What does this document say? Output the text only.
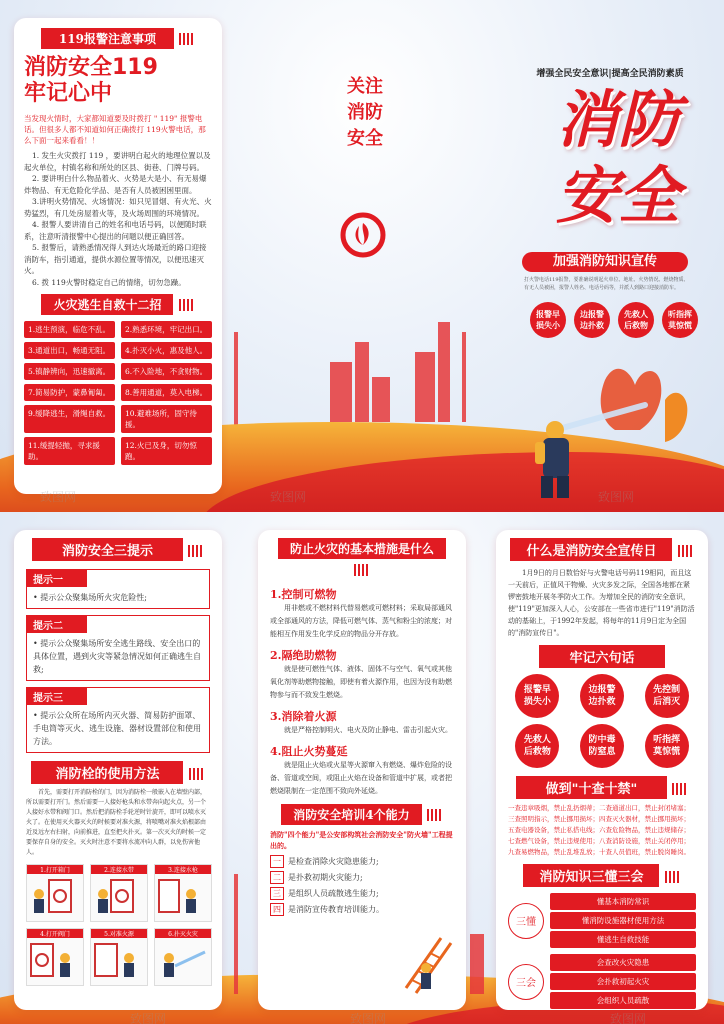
119报警注意事项
消防安全119
牢记心中
当发现火情时，大家都知道要及时拨打 " 119" 报警电话。但很多人都不知道如何正确拨打 119火警电话，那么下面一起来看看！！
1. 发生火灾拨打 119 ，要讲明白起火的地理位置以及起火单位，村镇名称和所处的区县、街巷、门牌号码。
2. 要讲明白什么物品着火、火势是大是小、有无易爆炸物品、有无危险化学品、是否有人员被困困里面。
3.讲明火势情况、火场情况：如只见冒烟、有火光、火势猛烈，有几处房屋着火等，及火场周围的环境情况。
4. 报警人要讲清自己的姓名和电话号码，以便随时联系，注意听清报警中心提出的问题以便正确回答。
5. 报警后，请熟悉情况得人到达火场最近的路口迎接消防车，指引通道，提供水源位置等情况，以便迅速灭火。
6. 拨 119火警时稳定自己的情绪，切勿急躁。
火灾逃生自救十二招
1.逃生预演，临危不乱。	2.熟悉环境，牢记出口。
3.通道出口，畅通无阻。	4.扑灭小火，惠及他人。
5.镇静辨向，迅速撤离。	6.不入险地，不贪财物。
7.简易防护，蒙鼻匍匐。	8.善用通道，莫入电梯。
9.缓降逃生，滑绳自救。	10.避难场所，固守待援。
11.缓提轻抛，寻求援助。
12.火已及身，切勿惊跑。
关注
消防
安全
增强全民安全意识|提高全民消防素质
消防
安全
加强消防知识宣传
打火警电话119报警，要准确说明起火单位、地址、火势情况、燃烧物质、有无人员被困，报警人姓名、电话号码等，并派人到路口迎接消防车。
报警早
损失小
边报警
边扑救
先救人
后救物
听指挥
莫惊慌
致图网	致图网	致图网
消防安全三提示
提示一
• 提示公众聚集场所火灾危险性;
提示二
• 提示公众聚集场所安全逃生路线、安全出口的具体位置，遇到火灾等紧急情况如何正确逃生自救;
提示三
• 提示公众所在场所内灭火器、简易防护面罩、手电筒等灭火、逃生设施、器材设置部位和使用方法。
消防栓的使用方法
首先，需要打开消防栓的门，因为消防栓一般嵌入在墙壁内部，所以需要打开门。然后需要一人接好枪头和水带奔向起火点，另一个人接好水带和阀门口。然后把消防栓手轮逆时针旋开，即可以喷水灭火了。在使用灭火器灭火的时候要对准火源，将喷嘴对准火焰根部由近及远左右扫射，向前推进，直至把火扑灭。第一次灭火的时候一定要保存自身的安全。灭火时注意不要将水流冲向人群，以免伤害他人。
1.打开箱门	2.连接水带	3.连接水枪
4.打开阀门	5.对准火源	6.扑灭火灾
防止火灾的基本措施是什么
1.控制可燃物
用非燃或不燃材料代替易燃或可燃材料；采取局部通风或全部通风的方法，降低可燃气体、蒸气和粉尘的浓度；对能相互作用发生化学反应的物品分开存放。
2.隔绝助燃物
就是使可燃性气体、液体、固体不与空气、氧气或其他氧化剂等助燃物接触，即使有着火源作用，也因为没有助燃物参与而不致发生燃烧。
3.消除着火源
就是严格控制明火、电火及防止静电、雷击引起火灾。
4.阻止火势蔓延
就是阻止火焰或火星等火源窜入有燃烧、爆炸危险的设备、管道或空间，或阻止火焰在设备和管道中扩展，或者把燃烧限制在一定范围不致向外延烧。
消防安全培训4个能力
消防"四个能力"是公安部构筑社会消防安全"防火墙"工程提出的。
一 是检查消除火灾隐患能力;
二 是扑救初期火灾能力;
三 是组织人员疏散逃生能力;
四 是消防宣传教育培训能力。
什么是消防安全宣传日
1月9日的月日数恰好与火警电话号码119相同，而且这一天前后，正值风干物燥、火灾多发之际，全国各地都在紧锣密鼓地开展冬季防火工作。为增加全民的消防安全意识，使"119"更加深入人心，公安部在一些省市进行"119"消防活动的基础上，于1992年发起，将每年的11月9日定为全国的"消防宣传日"。
牢记六句话
报警早
损失小
边报警
边扑救
先控制
后消灭
先救人
后救物
防中毒
防窒息
听指挥
莫惊慌
做到"十查十禁"
一查违章吸烟，禁止乱扔烟蒂；二查通道出口，禁止封闭堵塞；三查照明指示，禁止挪用损坏；四查灭火器材，禁止挪用损坏；五查电器设备，禁止私搭电线；六查危险物品，禁止违规储存；七查燃气设备，禁止违规使用；八查消防设施，禁止关闭停用；九查易燃物品，禁止乱堆乱放；十查人员值班，禁止脱岗睡岗。
消防知识三懂三会
三懂
懂基本消防常识
懂消防设施器材使用方法
懂逃生自救技能
三会
会查改火灾隐患
会扑救初起火灾
会组织人员疏散
致图网	致图网	致图网
